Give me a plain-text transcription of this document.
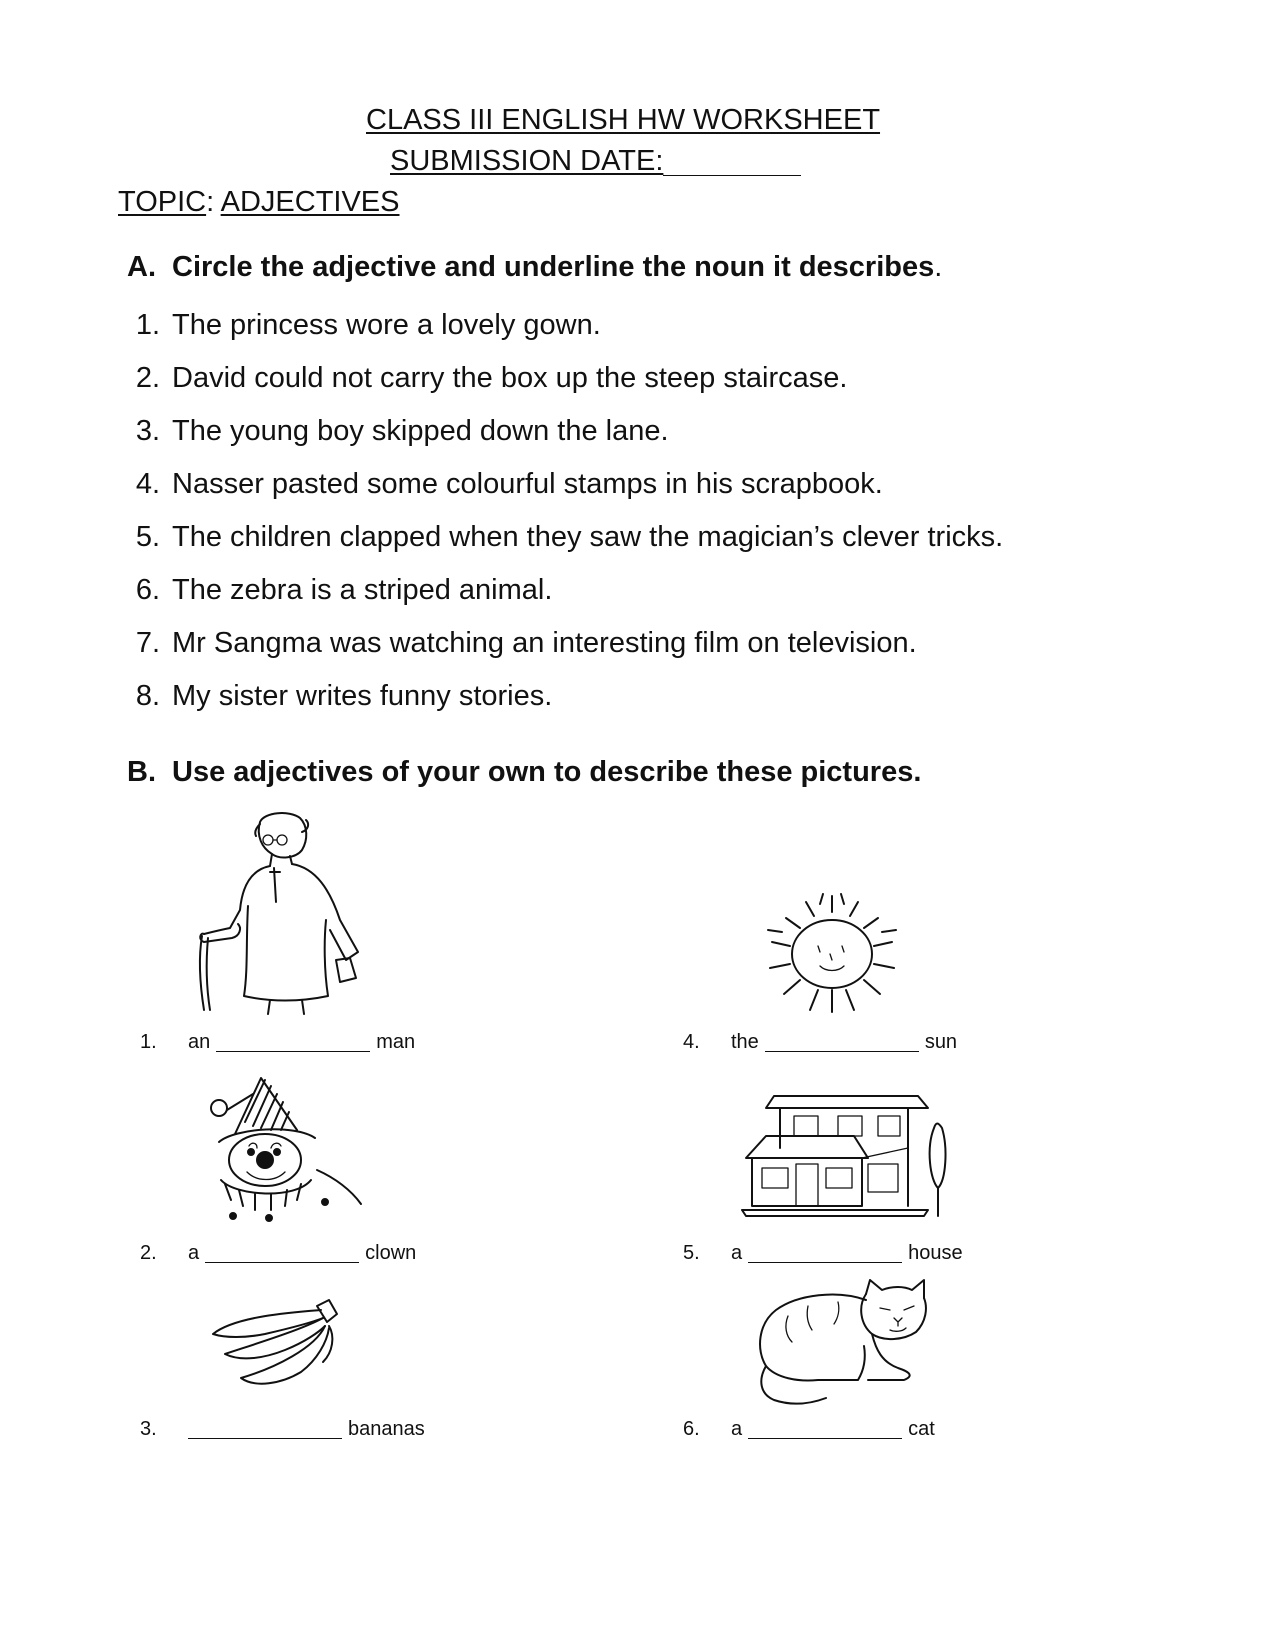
CLASS III ENGLISH HW WORKSHEET
SUBMISSION DATE:
TOPIC: ADJECTIVES
A. Circle the adjective and underline the noun it describes.
1. The princess wore a lovely gown.
2. David could not carry the box up the steep staircase.
3. The young boy skipped down the lane.
4. Nasser pasted some colourful stamps in his scrapbook.
5. The children clapped when they saw the magician’s clever tricks.
6. The zebra is a striped animal.
7. Mr Sangma was watching an interesting film on television.
8. My sister writes funny stories.
B. Use adjectives of your own to describe these pictures.
1. an	man	4. the	sun
2. a	clown	5. a	house
3.	bananas	6. a	cat
